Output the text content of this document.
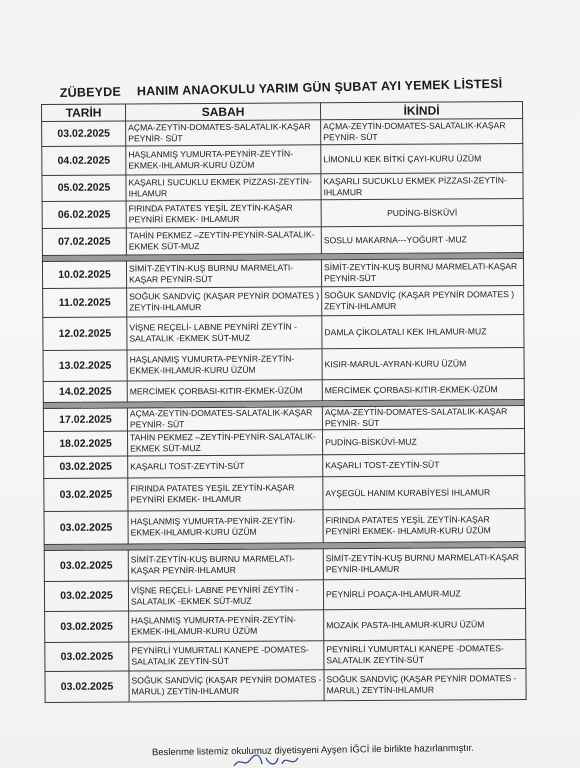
ZÜBEYDE HANIM ANAOKULU YARIM GÜN ŞUBAT AYI YEMEK LİSTESİ
TARİH	SABAH	İKİNDİ
03.02.2025	AÇMA-ZEYTİN-DOMATES-SALATALIK-KAŞAR PEYNİR- SÜT	AÇMA-ZEYTİN-DOMATES-SALATALIK-KAŞAR PEYNİR- SÜT
04.02.2025	HAŞLANMIŞ YUMURTA-PEYNİR-ZEYTİN-EKMEK-IHLAMUR-KURU ÜZÜM	LİMONLU KEK BİTKİ ÇAYI-KURU ÜZÜM
05.02.2025	KAŞARLI SUCUKLU EKMEK PİZZASI-ZEYTİN-IHLAMUR	KAŞARLI SUCUKLU EKMEK PİZZASI-ZEYTİN-IHLAMUR
06.02.2025	FIRINDA PATATES YEŞİL ZEYTİN-KAŞAR PEYNİRİ EKMEK- IHLAMUR	PUDİNG-BİSKÜVİ
07.02.2025	TAHİN PEKMEZ –ZEYTİN-PEYNİR-SALATALIK-EKMEK SÜT-MUZ	SOSLU MAKARNA---YOĞURT -MUZ

10.02.2025	SİMİT-ZEYTİN-KUŞ BURNU MARMELATI-KAŞAR PEYNİR-SÜT	SİMİT-ZEYTİN-KUŞ BURNU MARMELATI-KAŞAR PEYNİR-SÜT
11.02.2025	SOĞUK SANDVİÇ (KAŞAR PEYNİR DOMATES ) ZEYTİN-IHLAMUR	SOĞUK SANDVİÇ (KAŞAR PEYNİR DOMATES ) ZEYTİN-IHLAMUR
12.02.2025	VİŞNE REÇELİ- LABNE PEYNİRİ ZEYTİN -SALATALIK -EKMEK SÜT-MUZ	DAMLA ÇİKOLATALI KEK IHLAMUR-MUZ
13.02.2025	HAŞLANMIŞ YUMURTA-PEYNİR-ZEYTİN-EKMEK-IHLAMUR-KURU ÜZÜM	KISIR-MARUL-AYRAN-KURU ÜZÜM
14.02.2025	MERCİMEK ÇORBASI-KITIR-EKMEK-ÜZÜM	MERCİMEK ÇORBASI-KITIR-EKMEK-ÜZÜM

17.02.2025	AÇMA-ZEYTİN-DOMATES-SALATALIK-KAŞAR PEYNİR- SÜT	AÇMA-ZEYTİN-DOMATES-SALATALIK-KAŞAR PEYNİR- SÜT
18.02.2025	TAHİN PEKMEZ –ZEYTİN-PEYNİR-SALATALIK-EKMEK SÜT-MUZ	PUDİNG-BİSKÜVİ-MUZ
03.02.2025	KAŞARLI TOST-ZEYTİN-SÜT	KAŞARLI TOST-ZEYTİN-SÜT
03.02.2025	FIRINDA PATATES YEŞİL ZEYTİN-KAŞAR PEYNİRİ EKMEK- IHLAMUR	AYŞEGÜL HANIM KURABİYESİ IHLAMUR
03.02.2025	HAŞLANMIŞ YUMURTA-PEYNİR-ZEYTİN-EKMEK-IHLAMUR-KURU ÜZÜM	FIRINDA PATATES YEŞİL ZEYTİN-KAŞAR PEYNİRİ EKMEK- IHLAMUR-KURU ÜZÜM

03.02.2025	SİMİT-ZEYTİN-KUŞ BURNU MARMELATI-KAŞAR PEYNİR-IHLAMUR	SİMİT-ZEYTİN-KUŞ BURNU MARMELATI-KAŞAR PEYNİR-IHLAMUR
03.02.2025	VİŞNE REÇELİ- LABNE PEYNİRİ ZEYTİN -SALATALIK -EKMEK SÜT-MUZ	PEYNİRLİ POAÇA-IHLAMUR-MUZ
03.02.2025	HAŞLANMIŞ YUMURTA-PEYNİR-ZEYTİN-EKMEK-IHLAMUR-KURU ÜZÜM	MOZAİK PASTA-IHLAMUR-KURU ÜZÜM
03.02.2025	PEYNİRLİ YUMURTALI KANEPE -DOMATES-SALATALIK ZEYTİN-SÜT	PEYNİRLİ YUMURTALI KANEPE -DOMATES-SALATALIK ZEYTİN-SÜT
03.02.2025	SOĞUK SANDVİÇ (KAŞAR PEYNİR DOMATES -MARUL) ZEYTİN-IHLAMUR	SOĞUK SANDVİÇ (KAŞAR PEYNİR DOMATES -MARUL) ZEYTİN-IHLAMUR
Beslenme listemiz okulumuz diyetisyeni Ayşen İĞCİ ile birlikte hazırlanmıştır.
